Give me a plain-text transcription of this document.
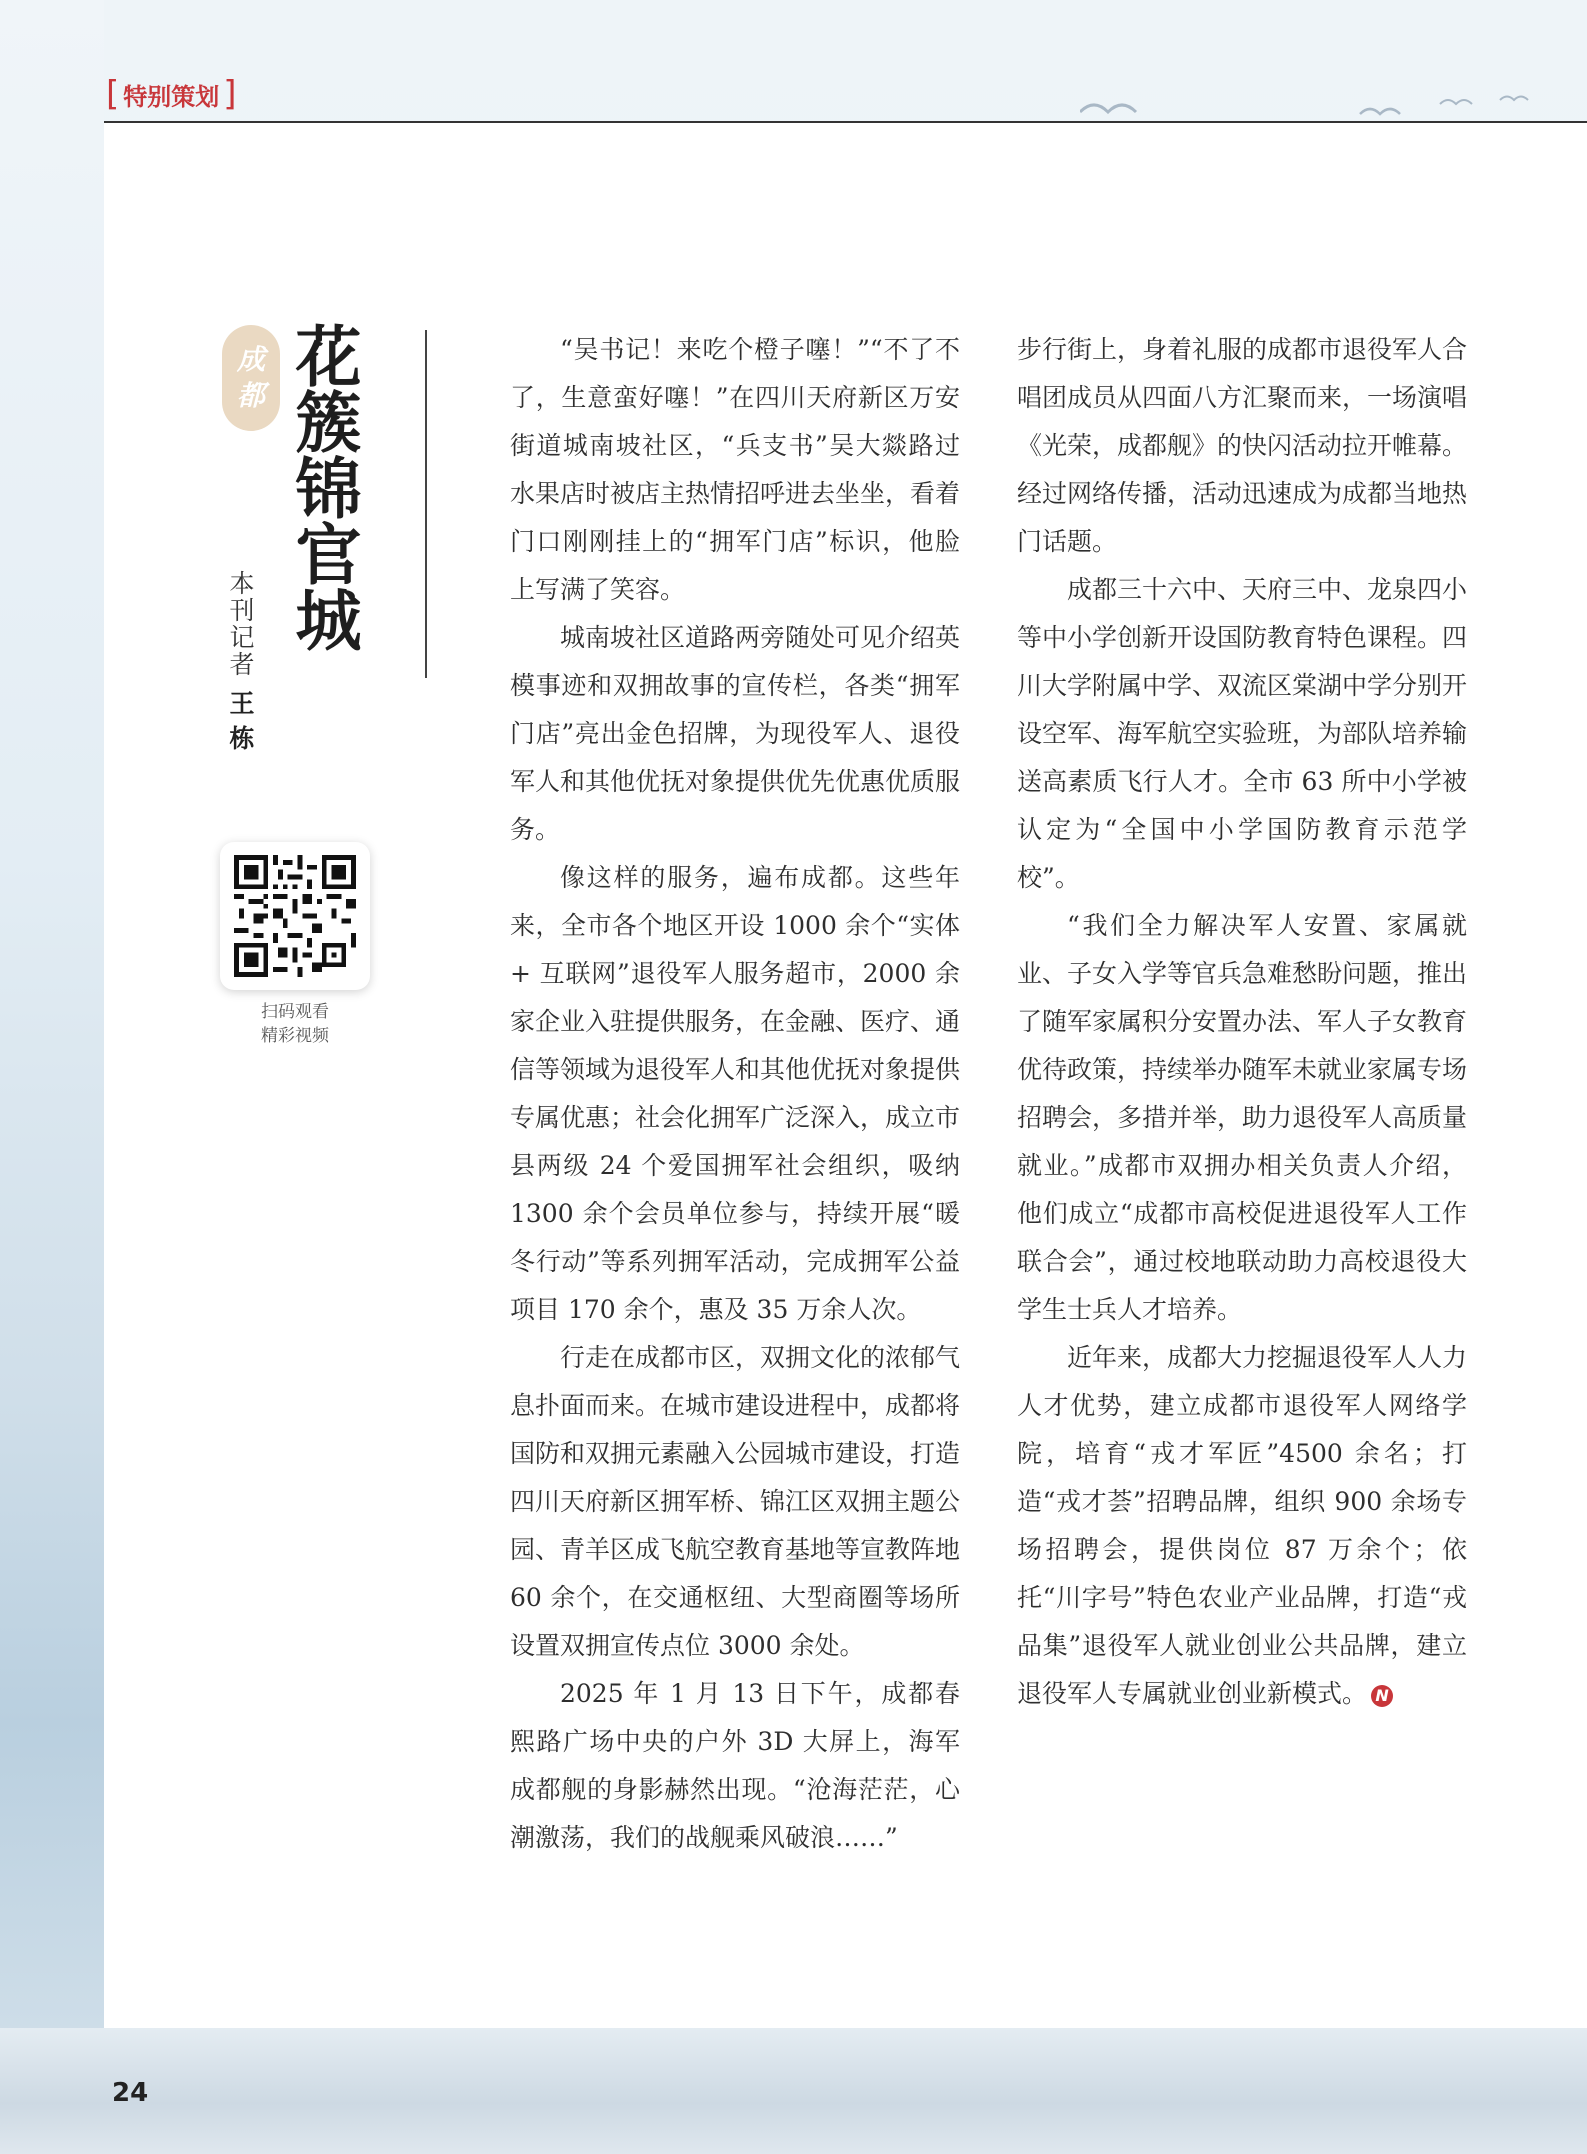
[ 特别策划 ]
成
都 花簇锦官城
本刊记者
王栋
扫码观看
精彩视频

“吴书记！来吃个橙子噻！”“不了不了，生意蛮好噻！”在四川天府新区万安街道城南坡社区，“兵支书”吴大燚路过水果店时被店主热情招呼进去坐坐，看着门口刚刚挂上的“拥军门店”标识，他脸上写满了笑容。

城南坡社区道路两旁随处可见介绍英模事迹和双拥故事的宣传栏，各类“拥军门店”亮出金色招牌，为现役军人、退役军人和其他优抚对象提供优先优惠优质服务。

像这样的服务，遍布成都。这些年来，全市各个地区开设 1000 余个“实体 + 互联网”退役军人服务超市，2000 余家企业入驻提供服务，在金融、医疗、通信等领域为退役军人和其他优抚对象提供专属优惠；社会化拥军广泛深入，成立市县两级 24 个爱国拥军社会组织，吸纳 1300 余个会员单位参与，持续开展“暖冬行动”等系列拥军活动，完成拥军公益项目 170 余个，惠及 35 万余人次。

行走在成都市区，双拥文化的浓郁气息扑面而来。在城市建设进程中，成都将国防和双拥元素融入公园城市建设，打造四川天府新区拥军桥、锦江区双拥主题公园、青羊区成飞航空教育基地等宣教阵地 60 余个，在交通枢纽、大型商圈等场所设置双拥宣传点位 3000 余处。

2025 年 1 月 13 日下午，成都春熙路广场中央的户外 3D 大屏上，海军成都舰的身影赫然出现。“沧海茫茫，心潮激荡，我们的战舰乘风破浪……”

步行街上，身着礼服的成都市退役军人合唱团成员从四面八方汇聚而来，一场演唱《光荣，成都舰》的快闪活动拉开帷幕。经过网络传播，活动迅速成为成都当地热门话题。

成都三十六中、天府三中、龙泉四小等中小学创新开设国防教育特色课程。四川大学附属中学、双流区棠湖中学分别开设空军、海军航空实验班，为部队培养输送高素质飞行人才。全市 63 所中小学被认定为“全国中小学国防教育示范学校”。

“我们全力解决军人安置、家属就业、子女入学等官兵急难愁盼问题，推出了随军家属积分安置办法、军人子女教育优待政策，持续举办随军未就业家属专场招聘会，多措并举，助力退役军人高质量就业。”成都市双拥办相关负责人介绍，他们成立“成都市高校促进退役军人工作联合会”，通过校地联动助力高校退役大学生士兵人才培养。

近年来，成都大力挖掘退役军人人力人才优势，建立成都市退役军人网络学院，培育“戎才军匠”4500 余名；打造“戎才荟”招聘品牌，组织 900 余场专场招聘会，提供岗位 87 万余个；依托“川字号”特色农业产业品牌，打造“戎品集”退役军人就业创业公共品牌，建立退役军人专属就业创业新模式。 N

24
